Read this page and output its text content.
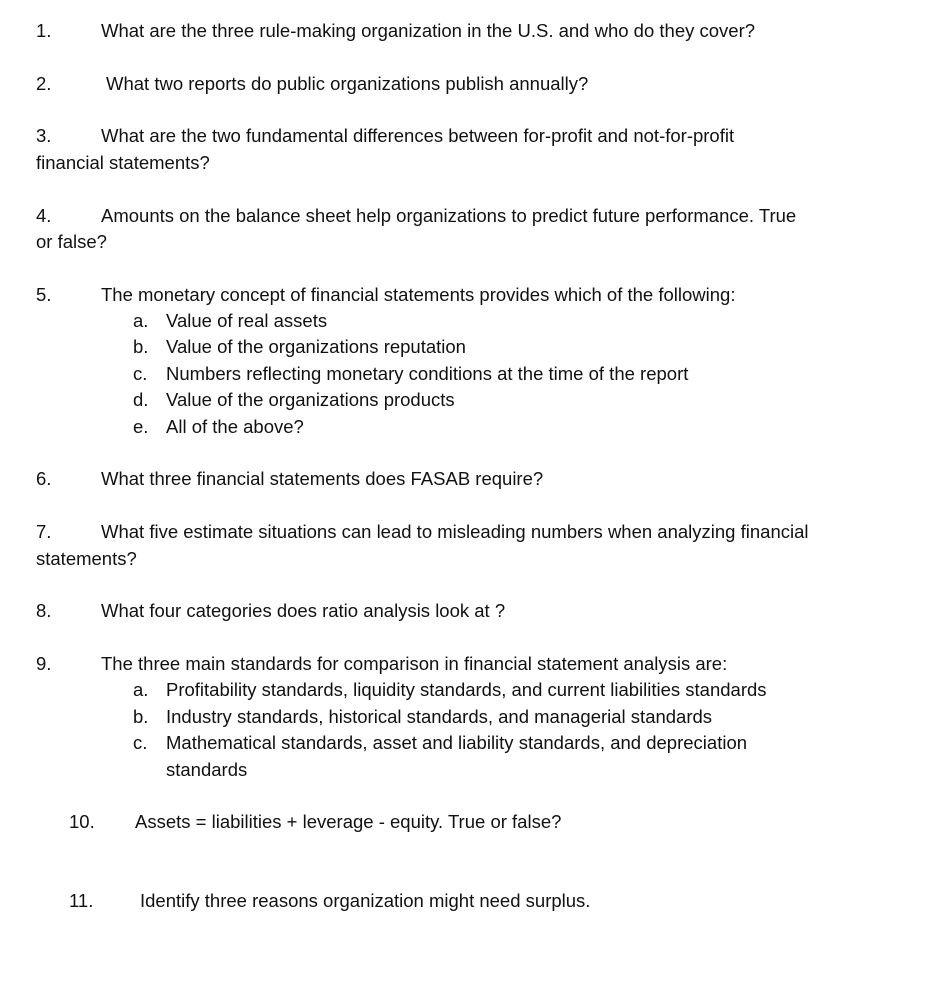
1.	What are the three rule-making organization in the U.S. and who do they cover?
2.	What two reports do public organizations publish annually?
3.	What are the two fundamental differences between for-profit and not-for-profit
financial statements?
4.	Amounts on the balance sheet help organizations to predict future performance. True
or false?
5.	The monetary concept of financial statements provides which of the following:
a. Value of real assets
b. Value of the organizations reputation
c. Numbers reflecting monetary conditions at the time of the report
d. Value of the organizations products
e. All of the above?
6.	What three financial statements does FASAB require?
7.	What five estimate situations can lead to misleading numbers when analyzing financial
statements?
8.	What four categories does ratio analysis look at ?
9.	The three main standards for comparison in financial statement analysis are:
a. Profitability standards, liquidity standards, and current liabilities standards
b. Industry standards, historical standards, and managerial standards
c. Mathematical standards, asset and liability standards, and depreciation
standards
10. Assets = liabilities + leverage - equity. True or false?
11.	Identify three reasons organization might need surplus.
